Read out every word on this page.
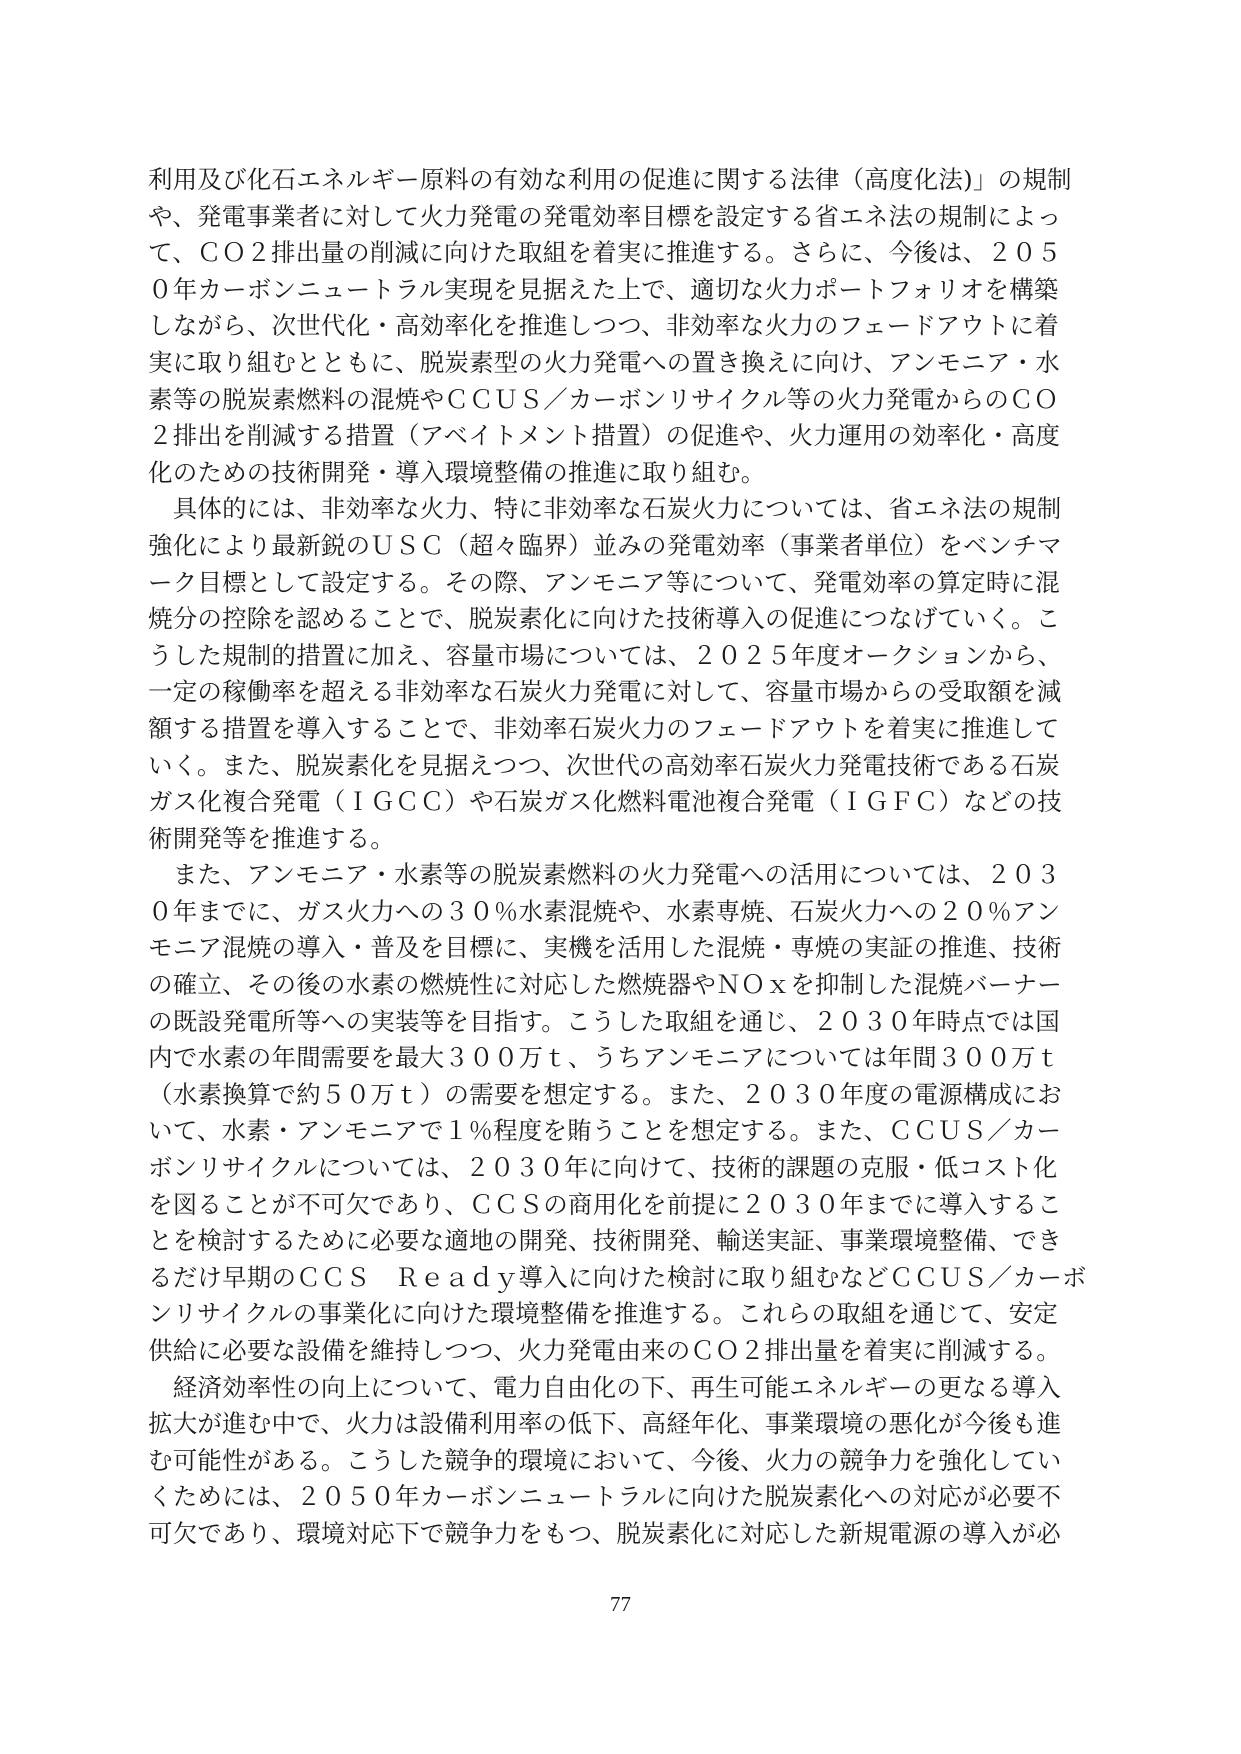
利用及び化石エネルギー原料の有効な利用の促進に関する法律（高度化法)」の規制
や、発電事業者に対して火力発電の発電効率目標を設定する省エネ法の規制によっ
て、ＣＯ２排出量の削減に向けた取組を着実に推進する。さらに、今後は、２０５
０年カーボンニュートラル実現を見据えた上で、適切な火力ポートフォリオを構築
しながら、次世代化・高効率化を推進しつつ、非効率な火力のフェードアウトに着
実に取り組むとともに、脱炭素型の火力発電への置き換えに向け、アンモニア・水
素等の脱炭素燃料の混焼やＣＣＵＳ／カーボンリサイクル等の火力発電からのＣＯ
２排出を削減する措置（アベイトメント措置）の促進や、火力運用の効率化・高度
化のための技術開発・導入環境整備の推進に取り組む。
　具体的には、非効率な火力、特に非効率な石炭火力については、省エネ法の規制
強化により最新鋭のＵＳＣ（超々臨界）並みの発電効率（事業者単位）をベンチマ
ーク目標として設定する。その際、アンモニア等について、発電効率の算定時に混
焼分の控除を認めることで、脱炭素化に向けた技術導入の促進につなげていく。こ
うした規制的措置に加え、容量市場については、２０２５年度オークションから、
一定の稼働率を超える非効率な石炭火力発電に対して、容量市場からの受取額を減
額する措置を導入することで、非効率石炭火力のフェードアウトを着実に推進して
いく。また、脱炭素化を見据えつつ、次世代の高効率石炭火力発電技術である石炭
ガス化複合発電（ＩＧＣＣ）や石炭ガス化燃料電池複合発電（ＩＧＦＣ）などの技
術開発等を推進する。
　また、アンモニア・水素等の脱炭素燃料の火力発電への活用については、２０３
０年までに、ガス火力への３０％水素混焼や、水素専焼、石炭火力への２０％アン
モニア混焼の導入・普及を目標に、実機を活用した混焼・専焼の実証の推進、技術
の確立、その後の水素の燃焼性に対応した燃焼器やＮＯｘを抑制した混焼バーナー
の既設発電所等への実装等を目指す。こうした取組を通じ、２０３０年時点では国
内で水素の年間需要を最大３００万ｔ、うちアンモニアについては年間３００万ｔ
（水素換算で約５０万ｔ）の需要を想定する。また、２０３０年度の電源構成にお
いて、水素・アンモニアで１％程度を賄うことを想定する。また、ＣＣＵＳ／カー
ボンリサイクルについては、２０３０年に向けて、技術的課題の克服・低コスト化
を図ることが不可欠であり、ＣＣＳの商用化を前提に２０３０年までに導入するこ
とを検討するために必要な適地の開発、技術開発、輸送実証、事業環境整備、でき
るだけ早期のＣＣＳ　Ｒｅａｄｙ導入に向けた検討に取り組むなどＣＣＵＳ／カーボ
ンリサイクルの事業化に向けた環境整備を推進する。これらの取組を通じて、安定
供給に必要な設備を維持しつつ、火力発電由来のＣＯ２排出量を着実に削減する。
　経済効率性の向上について、電力自由化の下、再生可能エネルギーの更なる導入
拡大が進む中で、火力は設備利用率の低下、高経年化、事業環境の悪化が今後も進
む可能性がある。こうした競争的環境において、今後、火力の競争力を強化してい
くためには、２０５０年カーボンニュートラルに向けた脱炭素化への対応が必要不
可欠であり、環境対応下で競争力をもつ、脱炭素化に対応した新規電源の導入が必
77
